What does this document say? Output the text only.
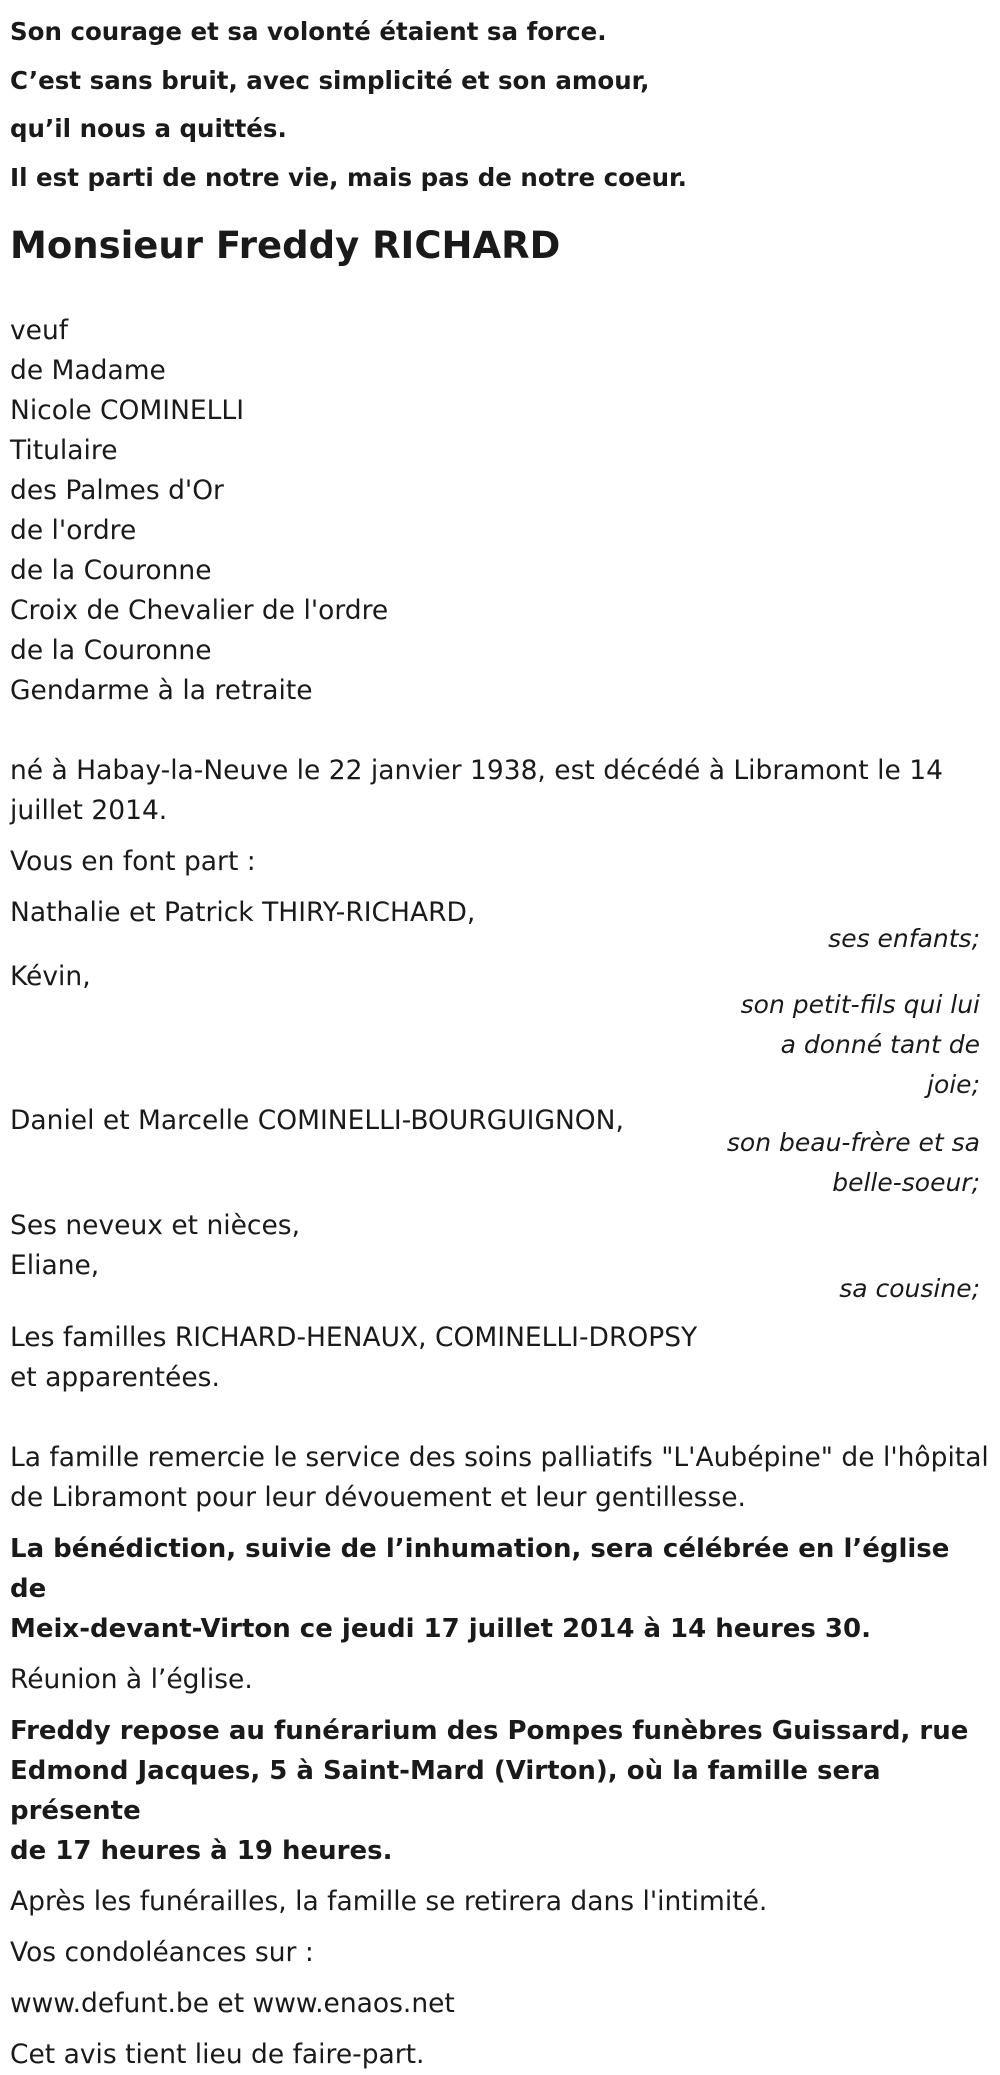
Son courage et sa volonté étaient sa force.

C’est sans bruit, avec simplicité et son amour,

qu’il nous a quittés.

Il est parti de notre vie, mais pas de notre coeur.

Monsieur Freddy RICHARD

veuf

de Madame

Nicole COMINELLI

Titulaire

des Palmes d'Or

de l'ordre

de la Couronne

Croix de Chevalier de l'ordre

de la Couronne

Gendarme à la retraite

né à Habay-la-Neuve le 22 janvier 1938, est décédé à Libramont le 14

juillet 2014.

Vous en font part :

Nathalie et Patrick THIRY-RICHARD,

ses enfants;

Kévin,

son petit-fils qui lui
a donné tant de
joie;

Daniel et Marcelle COMINELLI-BOURGUIGNON,

son beau-frère et sa
belle-soeur;

Ses neveux et nièces,

Eliane,

sa cousine;

Les familles RICHARD-HENAUX, COMINELLI-DROPSY

et apparentées.

La famille remercie le service des soins palliatifs "L'Aubépine" de l'hôpital

de Libramont pour leur dévouement et leur gentillesse.

La bénédiction, suivie de l’inhumation, sera célébrée en l’église de
Meix-devant-Virton ce jeudi 17 juillet 2014 à 14 heures 30.

Réunion à l’église.

Freddy repose au funérarium des Pompes funèbres Guissard, rue
Edmond Jacques, 5 à Saint-Mard (Virton), où la famille sera présente
de 17 heures à 19 heures.

Après les funérailles, la famille se retirera dans l'intimité.

Vos condoléances sur :

www.defunt.be et www.enaos.net

Cet avis tient lieu de faire-part.
